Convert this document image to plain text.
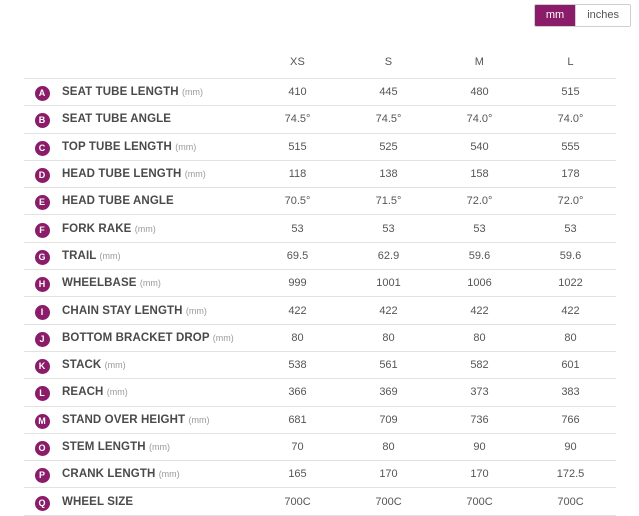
mm	inches
		XS	S	M	L
A	SEAT TUBE LENGTH (mm)	410	445	480	515
B	SEAT TUBE ANGLE	74.5°	74.5°	74.0°	74.0°
C	TOP TUBE LENGTH (mm)	515	525	540	555
D	HEAD TUBE LENGTH (mm)	118	138	158	178
E	HEAD TUBE ANGLE	70.5°	71.5°	72.0°	72.0°
F	FORK RAKE (mm)	53	53	53	53
G	TRAIL (mm)	69.5	62.9	59.6	59.6
H	WHEELBASE (mm)	999	1001	1006	1022
I	CHAIN STAY LENGTH (mm)	422	422	422	422
J	BOTTOM BRACKET DROP (mm)	80	80	80	80
K	STACK (mm)	538	561	582	601
L	REACH (mm)	366	369	373	383
M	STAND OVER HEIGHT (mm)	681	709	736	766
O	STEM LENGTH (mm)	70	80	90	90
P	CRANK LENGTH (mm)	165	170	170	172.5
Q	WHEEL SIZE	700C	700C	700C	700C
